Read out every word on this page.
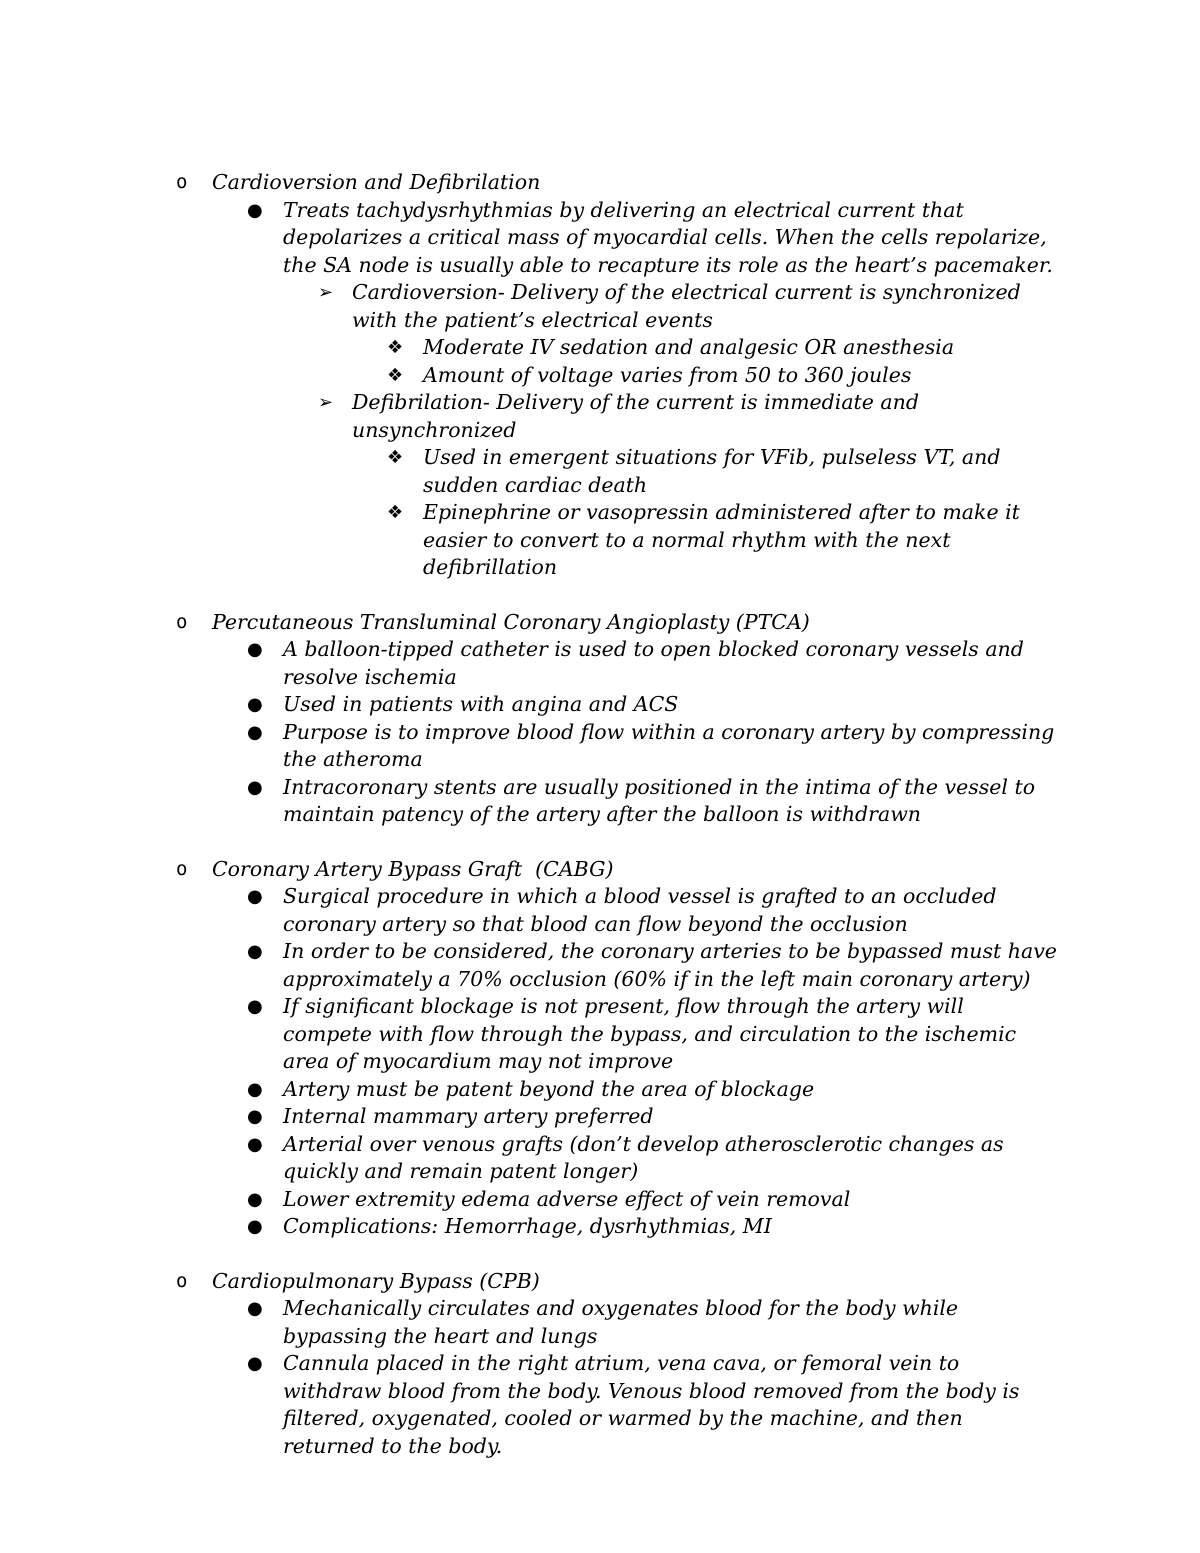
o Cardioversion and Defibrilation
● Treats tachydysrhythmias by delivering an electrical current that depolarizes a critical mass of myocardial cells. When the cells repolarize, the SA node is usually able to recapture its role as the heart’s pacemaker.
➢ Cardioversion- Delivery of the electrical current is synchronized with the patient’s electrical events
❖ Moderate IV sedation and analgesic OR anesthesia
❖ Amount of voltage varies from 50 to 360 joules
➢ Defibrilation- Delivery of the current is immediate and unsynchronized
❖ Used in emergent situations for VFib, pulseless VT, and sudden cardiac death
❖ Epinephrine or vasopressin administered after to make it easier to convert to a normal rhythm with the next defibrillation
o Percutaneous Transluminal Coronary Angioplasty (PTCA)
● A balloon-tipped catheter is used to open blocked coronary vessels and resolve ischemia
● Used in patients with angina and ACS
● Purpose is to improve blood flow within a coronary artery by compressing the atheroma
● Intracoronary stents are usually positioned in the intima of the vessel to maintain patency of the artery after the balloon is withdrawn
o Coronary Artery Bypass Graft  (CABG)
● Surgical procedure in which a blood vessel is grafted to an occluded coronary artery so that blood can flow beyond the occlusion
● In order to be considered, the coronary arteries to be bypassed must have approximately a 70% occlusion (60% if in the left main coronary artery)
● If significant blockage is not present, flow through the artery will compete with flow through the bypass, and circulation to the ischemic area of myocardium may not improve
● Artery must be patent beyond the area of blockage
● Internal mammary artery preferred
● Arterial over venous grafts (don’t develop atherosclerotic changes as quickly and remain patent longer)
● Lower extremity edema adverse effect of vein removal
● Complications: Hemorrhage, dysrhythmias, MI
o Cardiopulmonary Bypass (CPB)
● Mechanically circulates and oxygenates blood for the body while bypassing the heart and lungs
● Cannula placed in the right atrium, vena cava, or femoral vein to withdraw blood from the body. Venous blood removed from the body is filtered, oxygenated, cooled or warmed by the machine, and then returned to the body.
